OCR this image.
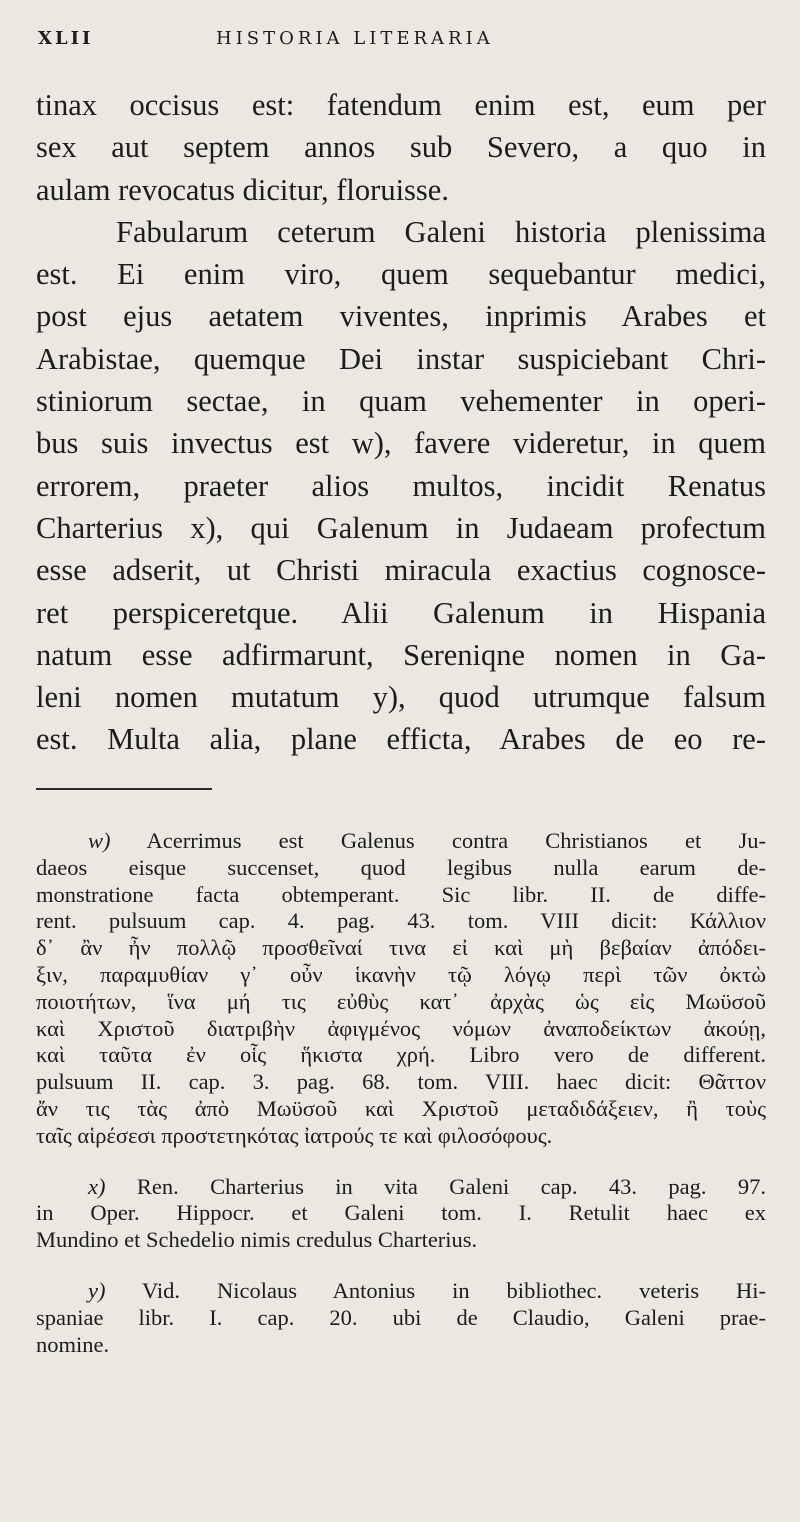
XLII	HISTORIA LITERARIA
tinax occisus est: fatendum enim est, eum per
sex aut septem annos sub Severo, a quo in
aulam revocatus dicitur, floruisse.
Fabularum ceterum Galeni historia plenissima
est. Ei enim viro, quem sequebantur medici,
post ejus aetatem viventes, inprimis Arabes et
Arabistae, quemque Dei instar suspiciebant Chri-
stiniorum sectae, in quam vehementer in operi-
bus suis invectus est w), favere videretur, in quem
errorem, praeter alios multos, incidit Renatus
Charterius x), qui Galenum in Judaeam profectum
esse adserit, ut Christi miracula exactius cognosce-
ret perspiceretque. Alii Galenum in Hispania
natum esse adfirmarunt, Sereniqne nomen in Ga-
leni nomen mutatum y), quod utrumque falsum
est. Multa alia, plane efficta, Arabes de eo re-
w) Acerrimus est Galenus contra Christianos et Ju-
daeos eisque succenset, quod legibus nulla earum de-
monstratione facta obtemperant. Sic libr. II. de diffe-
rent. pulsuum cap. 4. pag. 43. tom. VIII dicit: Κάλλιον
δ᾽ ἂν ἦν πολλῷ προσθεῖναί τινα εἰ καὶ μὴ βεβαίαν ἀπόδει-
ξιν, παραμυθίαν γ᾽ οὖν ἱκανὴν τῷ λόγῳ περὶ τῶν ὀκτὼ
ποιοτήτων, ἵνα μή τις εὐθὺς κατ᾽ ἀρχὰς ὡς εἰς Μωϋσοῦ
καὶ Χριστοῦ διατριβὴν ἀφιγμένος νόμων ἀναποδείκτων ἀκούῃ,
καὶ ταῦτα ἐν οἷς ἥκιστα χρή. Libro vero de different.
pulsuum II. cap. 3. pag. 68. tom. VIII. haec dicit: Θᾶττον
ἄν τις τὰς ἀπὸ Μωϋσοῦ καὶ Χριστοῦ μεταδιδάξειεν, ἢ τοὺς
ταῖς αἱρέσεσι προστετηκότας ἰατρούς τε καὶ φιλοσόφους.
x) Ren. Charterius in vita Galeni cap. 43. pag. 97.
in Oper. Hippocr. et Galeni tom. I. Retulit haec ex
Mundino et Schedelio nimis credulus Charterius.
y) Vid. Nicolaus Antonius in bibliothec. veteris Hi-
spaniae libr. I. cap. 20. ubi de Claudio, Galeni prae-
nomine.
